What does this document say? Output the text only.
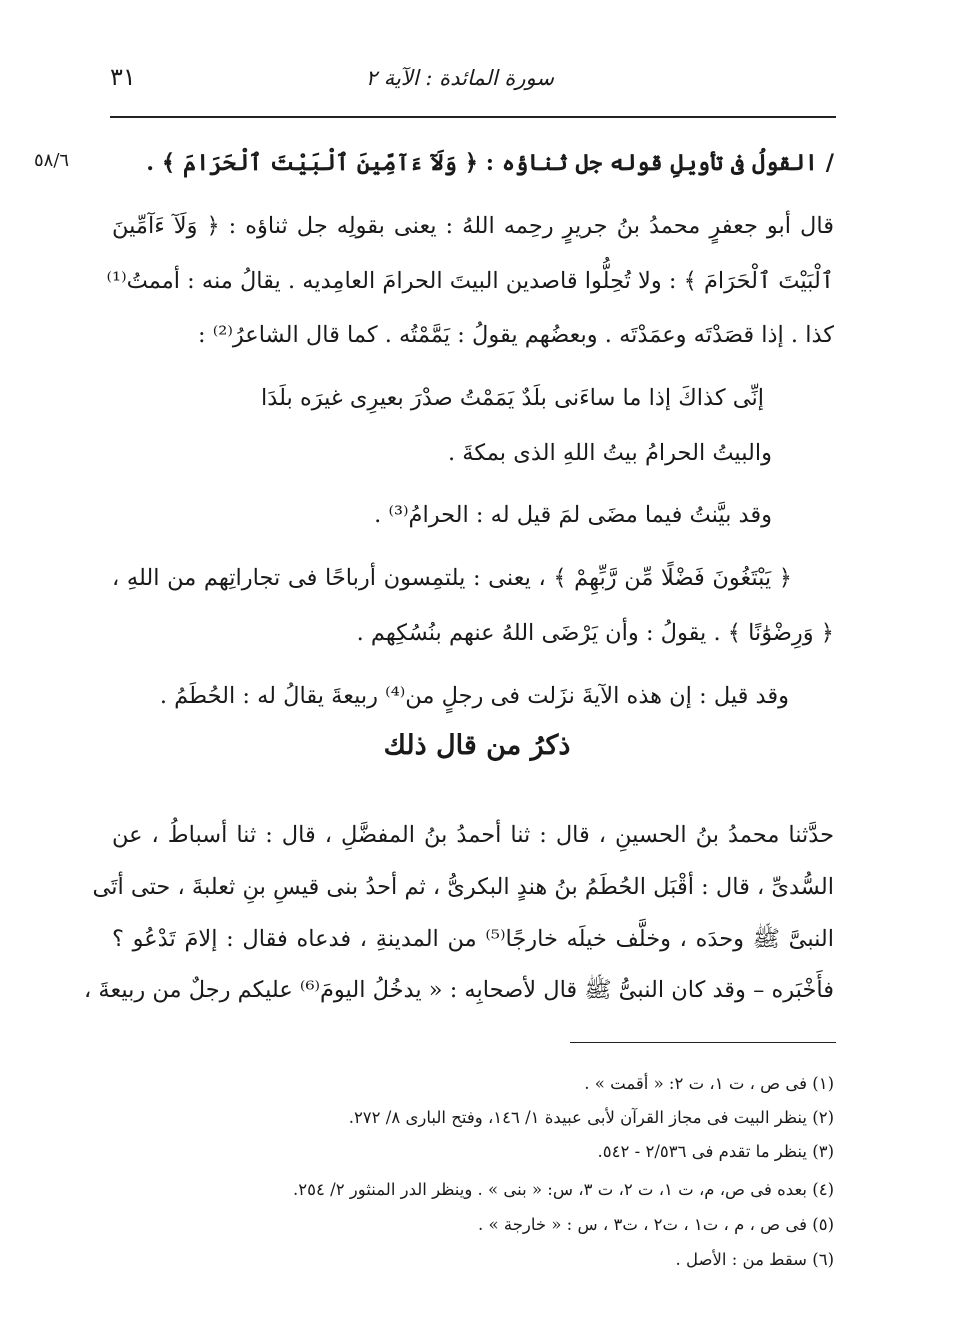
سورة المائدة : الآية ٢
٣١
٥٨/٦	/ القولُ فى تأويلِ قوله جل ثناؤه : ﴿ وَلَآ ءَآمِّينَ ٱلْبَيْتَ ٱلْحَرَامَ ﴾ .
قال أبو جعفرٍ محمدُ بنُ جريرٍ رحِمه اللهُ : يعنى بقولِه جل ثناؤه : ﴿ وَلَآ ءَآمِّينَ
ٱلْبَيْتَ ٱلْحَرَامَ ﴾ : ولا تُحِلُّوا قاصدين البيتَ الحرامَ العامِديه . يقالُ منه : أممتُ⁽¹⁾
كذا . إذا قصَدْتَه وعمَدْتَه . وبعضُهم يقولُ : يَمَّمْتُه . كما قال الشاعرُ⁽²⁾ :
إنِّى كذاكَ إذا ما ساءَنى بلَدٌ يَمَمْتُ صدْرَ بعيرِى غيرَه بلَدَا
والبيتُ الحرامُ بيتُ اللهِ الذى بمكةَ .
وقد بيَّنتُ فيما مضَى لمَ قيل له : الحرامُ⁽³⁾ .
﴿ يَبْتَغُونَ فَضْلًا مِّن رَّبِّهِمْ ﴾ ، يعنى : يلتمِسون أرباحًا فى تجاراتِهم من اللهِ ،
﴿ وَرِضْوَٰنًا ﴾ . يقولُ : وأن يَرْضَى اللهُ عنهم بنُسُكِهم .
وقد قيل : إن هذه الآيةَ نزَلت فى رجلٍ من⁽⁴⁾ ربيعةَ يقالُ له : الحُطَمُ .
ذكرُ من قال ذلك
حدَّثنا محمدُ بنُ الحسينِ ، قال : ثنا أحمدُ بنُ المفضَّلِ ، قال : ثنا أسباطُ ، عن
السُّدىِّ ، قال : أقْبَل الحُطَمُ بنُ هندٍ البكرىُّ ، ثم أحدُ بنى قيسِ بنِ ثعلبةَ ، حتى أتَى
النبىَّ ﷺ وحدَه ، وخلَّف خيلَه خارجًا⁽⁵⁾ من المدينةِ ، فدعاه فقال : إلامَ تَدْعُو ؟
فأَخْبَره – وقد كان النبىُّ ﷺ قال لأصحابِه : « يدخُلُ اليومَ⁽⁶⁾ عليكم رجلٌ من ربيعةَ ،
(١) فى ص ، ت ١، ت ٢: « أقمت » .
(٢) ينظر البيت فى مجاز القرآن لأبى عبيدة ١/ ١٤٦، وفتح البارى ٨/ ٢٧٢.
(٣) ينظر ما تقدم فى ٢/٥٣٦ - ٥٤٢.
(٤) بعده فى ص، م، ت ١، ت ٢، ت ٣، س: « بنى » . وينظر الدر المنثور ٢/ ٢٥٤.
(٥) فى ص ، م ، ت١ ، ت٢ ، ت٣ ، س : « خارجة » .
(٦) سقط من : الأصل .
